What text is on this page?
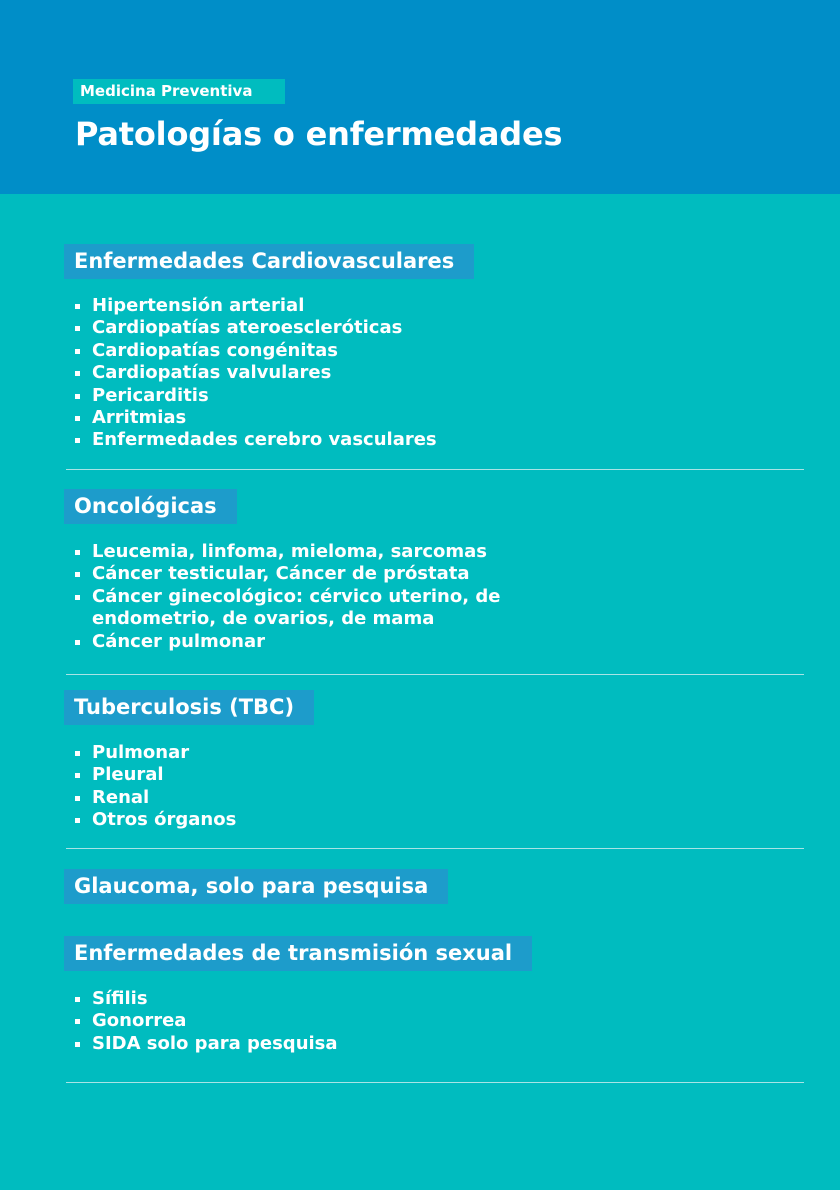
Medicina Preventiva
Patologías o enfermedades
Enfermedades Cardiovasculares
Hipertensión arterial
Cardiopatías ateroescleróticas
Cardiopatías congénitas
Cardiopatías valvulares
Pericarditis
Arritmias
Enfermedades cerebro vasculares
Oncológicas
Leucemia, linfoma, mieloma, sarcomas
Cáncer testicular, Cáncer de próstata
Cáncer ginecológico: cérvico uterino, de
endometrio, de ovarios, de mama
Cáncer pulmonar
Tuberculosis (TBC)
Pulmonar
Pleural
Renal
Otros órganos
Glaucoma, solo para pesquisa
Enfermedades de transmisión sexual
Sífilis
Gonorrea
SIDA solo para pesquisa
